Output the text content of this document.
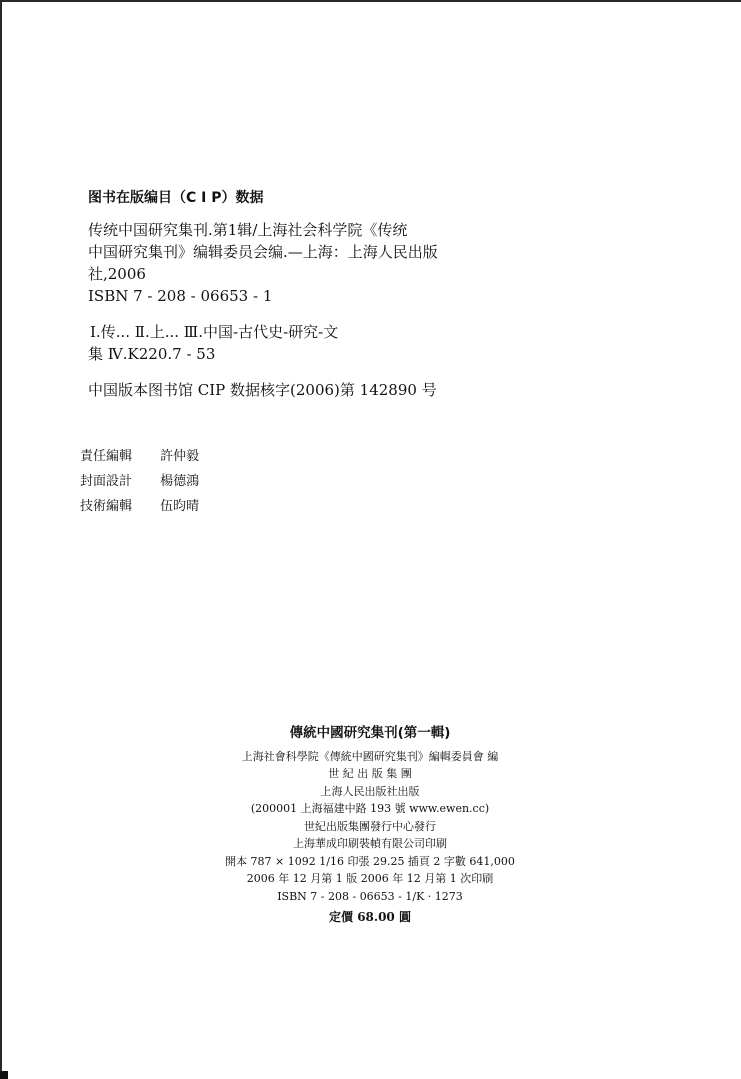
图书在版编目（C I P）数据
传统中国研究集刊.第1辑/上海社会科学院《传统
中国研究集刊》编辑委员会编.—上海：上海人民出版
社,2006
ISBN 7 - 208 - 06653 - 1
Ⅰ.传... Ⅱ.上... Ⅲ.中国-古代史-研究-文
集 Ⅳ.K220.7 - 53
中国版本图书馆 CIP 数据核字(2006)第 142890 号
責任編輯 許仲毅
封面設計 楊德鴻
技術編輯 伍昀晴
傳統中國研究集刊(第一輯)
上海社會科學院《傳統中國研究集刊》編輯委員會 編
世 紀 出 版 集 團
上海人民出版社出版
(200001 上海福建中路 193 號 www.ewen.cc)
世紀出版集團發行中心發行
上海華成印刷裝幀有限公司印刷
開本 787 × 1092 1/16 印張 29.25 插頁 2 字數 641,000
2006 年 12 月第 1 版 2006 年 12 月第 1 次印刷
ISBN 7 - 208 - 06653 - 1/K · 1273
定價 68.00 圓
